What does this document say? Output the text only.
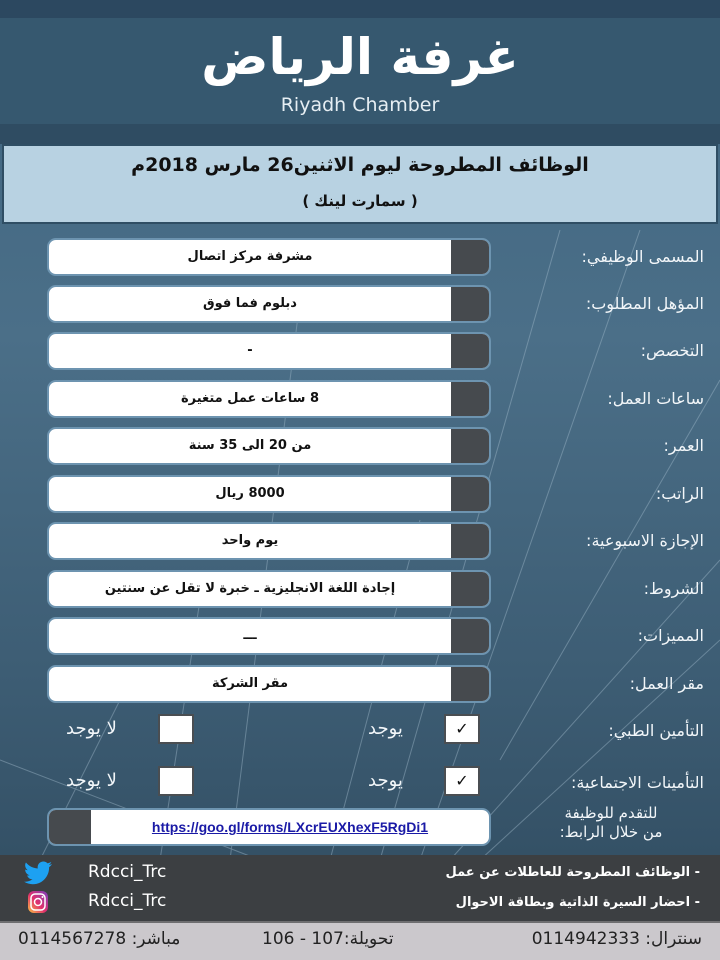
غرفة الرياض
Riyadh Chamber
الوظائف المطروحة ليوم الاثنين26 مارس 2018م
( سمارت لينك )
مشرفة مركز اتصال	المسمى الوظيفي:
دبلوم فما فوق	المؤهل المطلوب:
-	التخصص:
8 ساعات عمل متغيرة	ساعات العمل:
من 20 الى 35 سنة	العمر:
8000 ريال	الراتب:
يوم واحد	الإجازة الاسبوعية:
إجادة اللغة الانجليزية ـ خبرة لا تقل عن سنتين	الشروط:
ـــ	المميزات:
مقر الشركة	مقر العمل:
التأمين الطبي:
✓
يوجد
لا يوجد
التأمينات الاجتماعية:
✓
يوجد
لا يوجد
https://goo.gl/forms/LXcrEUXhexF5RgDi1
للتقدم للوظيفة
من خلال الرابط:
- الوظائف المطروحة للعاطلات عن عمل
- احضار السيرة الذاتية وبطاقة الاحوال
Rdcci_Trc
Rdcci_Trc
سنترال: 0114942333
تحويلة:107 - 106
مباشر: 0114567278
